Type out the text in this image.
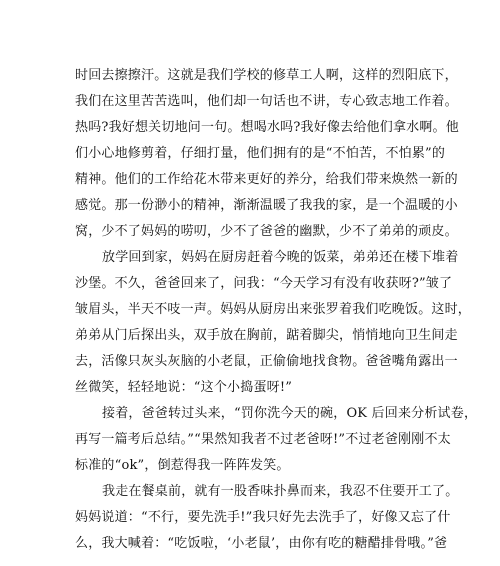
时回去擦擦汗。这就是我们学校的修草工人啊，这样的烈阳底下，
我们在这里苦苦选叫，他们却一句话也不讲，专心致志地工作着。
热吗?我好想关切地问一句。想喝水吗?我好像去给他们拿水啊。他
们小心地修剪着，仔细打量，他们拥有的是“不怕苦，不怕累”的
精神。他们的工作给花木带来更好的养分，给我们带来焕然一新的
感觉。那一份渺小的精神，渐渐温暖了我我的家，是一个温暖的小
窝，少不了妈妈的唠叨，少不了爸爸的幽默，少不了弟弟的顽皮。
放学回到家，妈妈在厨房赶着今晚的饭菜，弟弟还在楼下堆着
沙堡。不久，爸爸回来了，问我：“今天学习有没有收获呀?”皱了
皱眉头，半天不吱一声。妈妈从厨房出来张罗着我们吃晚饭。这时，
弟弟从门后探出头，双手放在胸前，踮着脚尖，悄悄地向卫生间走
去，活像只灰头灰脑的小老鼠，正偷偷地找食物。爸爸嘴角露出一
丝微笑，轻轻地说：“这个小捣蛋呀!”
接着，爸爸转过头来，“罚你洗今天的碗，OK 后回来分析试卷，
再写一篇考后总结。”“果然知我者不过老爸呀!”不过老爸刚刚不太
标准的“ok”，倒惹得我一阵阵发笑。
我走在餐桌前，就有一股香味扑鼻而来，我忍不住要开工了。
妈妈说道：“不行，要先洗手!”我只好先去洗手了，好像又忘了什
么，我大喊着：“吃饭啦，‘小老鼠’，由你有吃的糖醋排骨哦。”爸
